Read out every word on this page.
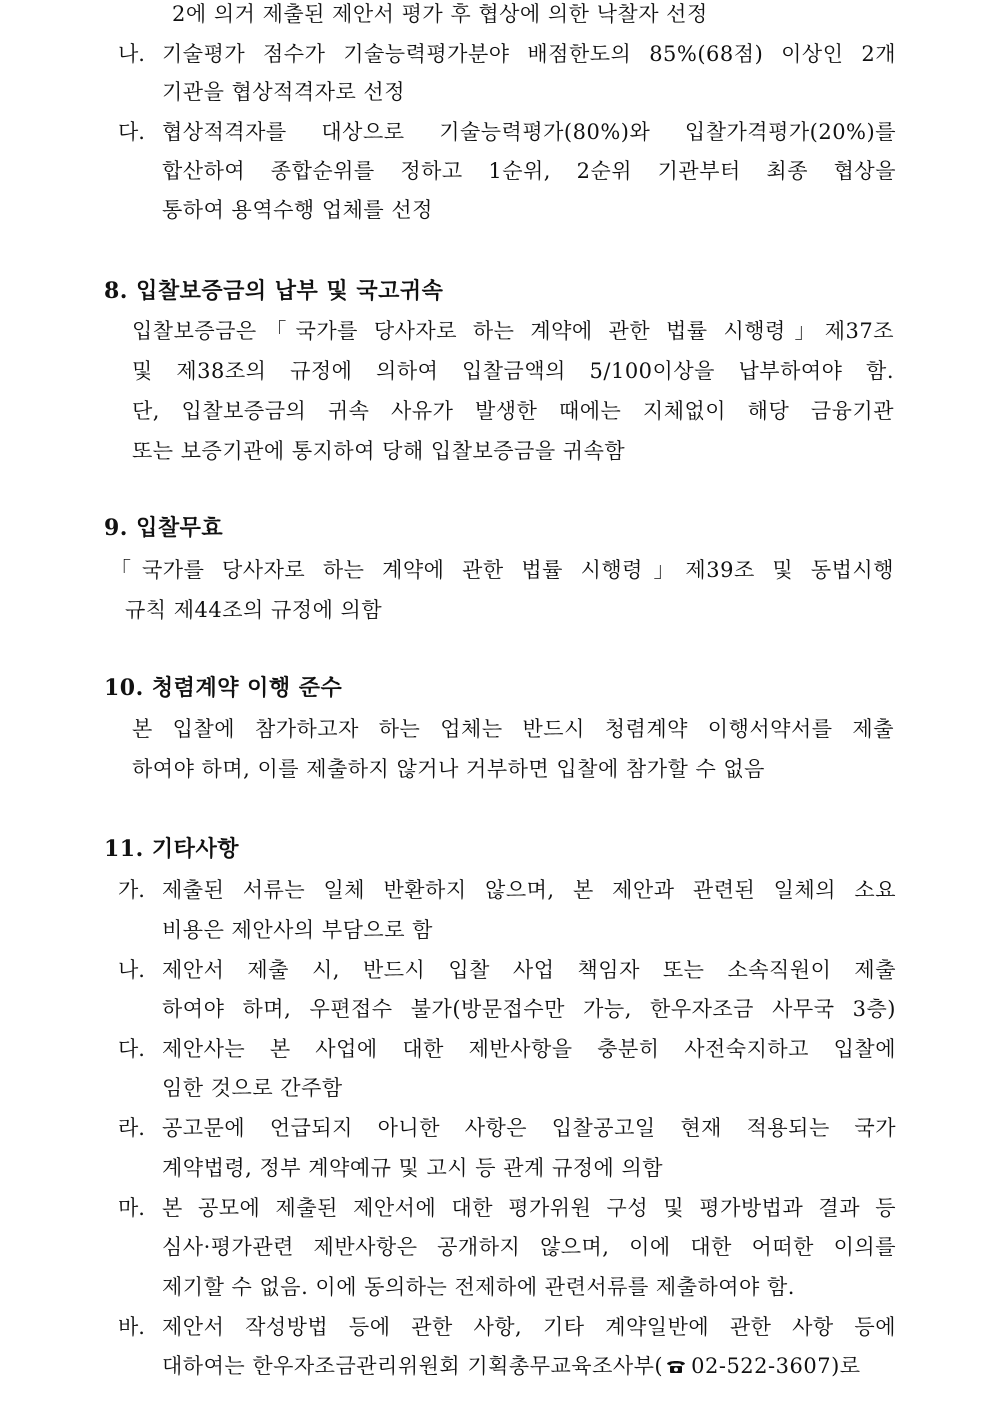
2에 의거 제출된 제안서 평가 후 협상에 의한 낙찰자 선정
나. 기술평가 점수가 기술능력평가분야 배점한도의 85%(68점) 이상인 2개
기관을 협상적격자로 선정
다. 협상적격자를 대상으로 기술능력평가(80%)와 입찰가격평가(20%)를
합산하여 종합순위를 정하고 1순위, 2순위 기관부터 최종 협상을
통하여 용역수행 업체를 선정
8. 입찰보증금의 납부 및 국고귀속
입찰보증금은「국가를 당사자로 하는 계약에 관한 법률 시행령」제37조
및 제38조의 규정에 의하여 입찰금액의 5/100이상을 납부하여야 함.
단, 입찰보증금의 귀속 사유가 발생한 때에는 지체없이 해당 금융기관
또는 보증기관에 통지하여 당해 입찰보증금을 귀속함
9. 입찰무효
「국가를 당사자로 하는 계약에 관한 법률 시행령」제39조 및 동법시행
규칙 제44조의 규정에 의함
10. 청렴계약 이행 준수
본 입찰에 참가하고자 하는 업체는 반드시 청렴계약 이행서약서를 제출
하여야 하며, 이를 제출하지 않거나 거부하면 입찰에 참가할 수 없음
11. 기타사항
가. 제출된 서류는 일체 반환하지 않으며, 본 제안과 관련된 일체의 소요
비용은 제안사의 부담으로 함
나. 제안서 제출 시, 반드시 입찰 사업 책임자 또는 소속직원이 제출
하여야 하며, 우편접수 불가(방문접수만 가능, 한우자조금 사무국 3층)
다. 제안사는 본 사업에 대한 제반사항을 충분히 사전숙지하고 입찰에
임한 것으로 간주함
라. 공고문에 언급되지 아니한 사항은 입찰공고일 현재 적용되는 국가
계약법령, 정부 계약예규 및 고시 등 관계 규정에 의함
마. 본 공모에 제출된 제안서에 대한 평가위원 구성 및 평가방법과 결과 등
심사·평가관련 제반사항은 공개하지 않으며, 이에 대한 어떠한 이의를
제기할 수 없음. 이에 동의하는 전제하에 관련서류를 제출하여야 함.
바. 제안서 작성방법 등에 관한 사항, 기타 계약일반에 관한 사항 등에
대하여는 한우자조금관리위원회 기획총무교육조사부( 02-522-3607)로
